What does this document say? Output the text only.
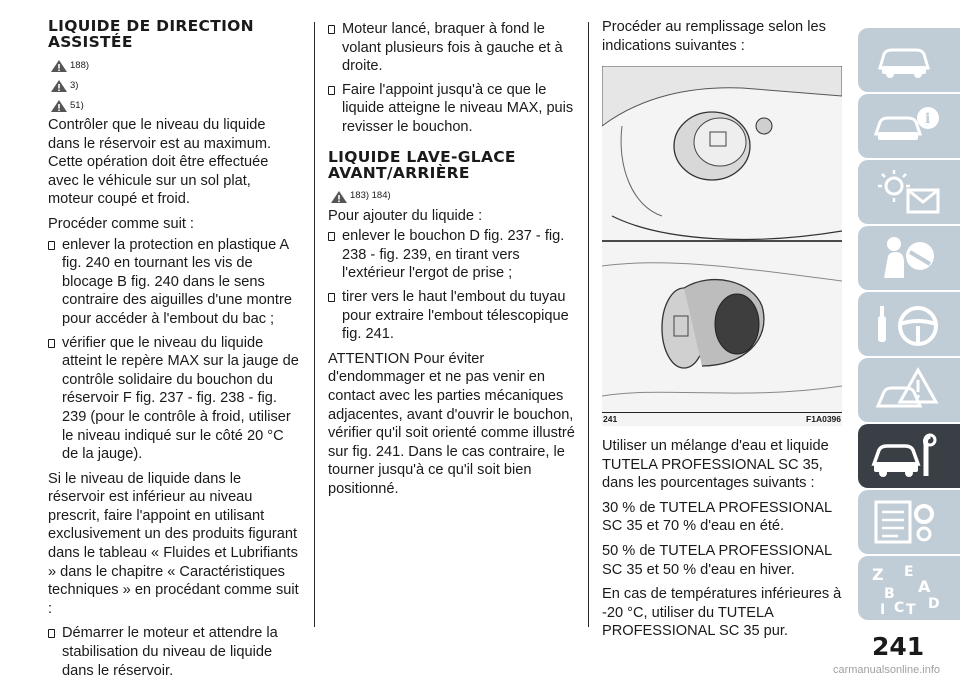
LIQUIDE DE DIRECTION
ASSISTÉE
188)
3)
51)

Contrôler que le niveau du liquide dans le réservoir est au maximum. Cette opération doit être effectuée avec le véhicule sur un sol plat, moteur coupé et froid.

Procéder comme suit :

enlever la protection en plastique A fig. 240 en tournant les vis de blocage B fig. 240 dans le sens contraire des aiguilles d'une montre pour accéder à l'embout du bac ;
vérifier que le niveau du liquide atteint le repère MAX sur la jauge de contrôle solidaire du bouchon du réservoir F fig. 237 - fig. 238 - fig. 239 (pour le contrôle à froid, utiliser le niveau indiqué sur le côté 20 °C de la jauge).

Si le niveau de liquide dans le réservoir est inférieur au niveau prescrit, faire l'appoint en utilisant exclusivement un des produits figurant dans le tableau « Fluides et Lubrifiants » dans le chapitre « Caractéristiques techniques » en procédant comme suit :

Démarrer le moteur et attendre la stabilisation du niveau de liquide dans le réservoir.
Moteur lancé, braquer à fond le volant plusieurs fois à gauche et à droite.
Faire l'appoint jusqu'à ce que le liquide atteigne le niveau MAX, puis revisser le bouchon.
LIQUIDE LAVE-GLACE
AVANT/ARRIÈRE
183) 184)

Pour ajouter du liquide :

enlever le bouchon D fig. 237 - fig. 238 - fig. 239, en tirant vers l'extérieur l'ergot de prise ;
tirer vers le haut l'embout du tuyau pour extraire l'embout télescopique fig. 241.

ATTENTION Pour éviter d'endommager et ne pas venir en contact avec les parties mécaniques adjacentes, avant d'ouvrir le bouchon, vérifier qu'il soit orienté comme illustré sur fig. 241. Dans le cas contraire, le tourner jusqu'à ce qu'il soit bien positionné.

Procéder au remplissage selon les indications suivantes :

241	F1A0396

Utiliser un mélange d'eau et liquide TUTELA PROFESSIONAL SC 35, dans les pourcentages suivants :

30 % de TUTELA PROFESSIONAL SC 35 et 70 % d'eau en été.

50 % de TUTELA PROFESSIONAL SC 35 et 50 % d'eau en hiver.

En cas de températures inférieures à -20 °C, utiliser du TUTELA PROFESSIONAL SC 35 pur.

i
Z E
A
B
I C T D
241
carmanualsonline.info
